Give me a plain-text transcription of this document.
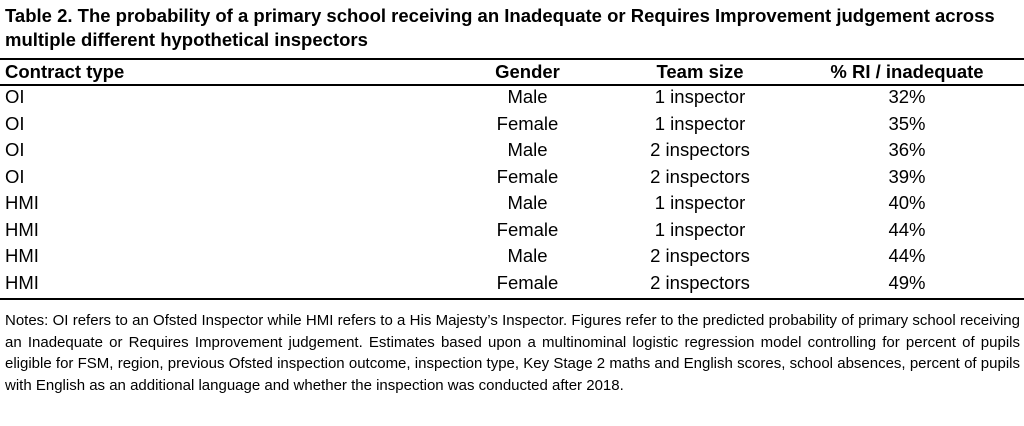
Table 2. The probability of a primary school receiving an Inadequate or Requires Improvement judgement across multiple different hypothetical inspectors
Contract type	Gender	Team size	% RI / inadequate
OI	Male	1 inspector	32%
OI	Female	1 inspector	35%
OI	Male	2 inspectors	36%
OI	Female	2 inspectors	39%
HMI	Male	1 inspector	40%
HMI	Female	1 inspector	44%
HMI	Male	2 inspectors	44%
HMI	Female	2 inspectors	49%
Notes: OI refers to an Ofsted Inspector while HMI refers to a His Majesty’s Inspector. Figures refer to the predicted probability of primary school receiving an Inadequate or Requires Improvement judgement. Estimates based upon a multinominal logistic regression model controlling for percent of pupils eligible for FSM, region, previous Ofsted inspection outcome, inspection type, Key Stage 2 maths and English scores, school absences, percent of pupils with English as an additional language and whether the inspection was conducted after 2018.
